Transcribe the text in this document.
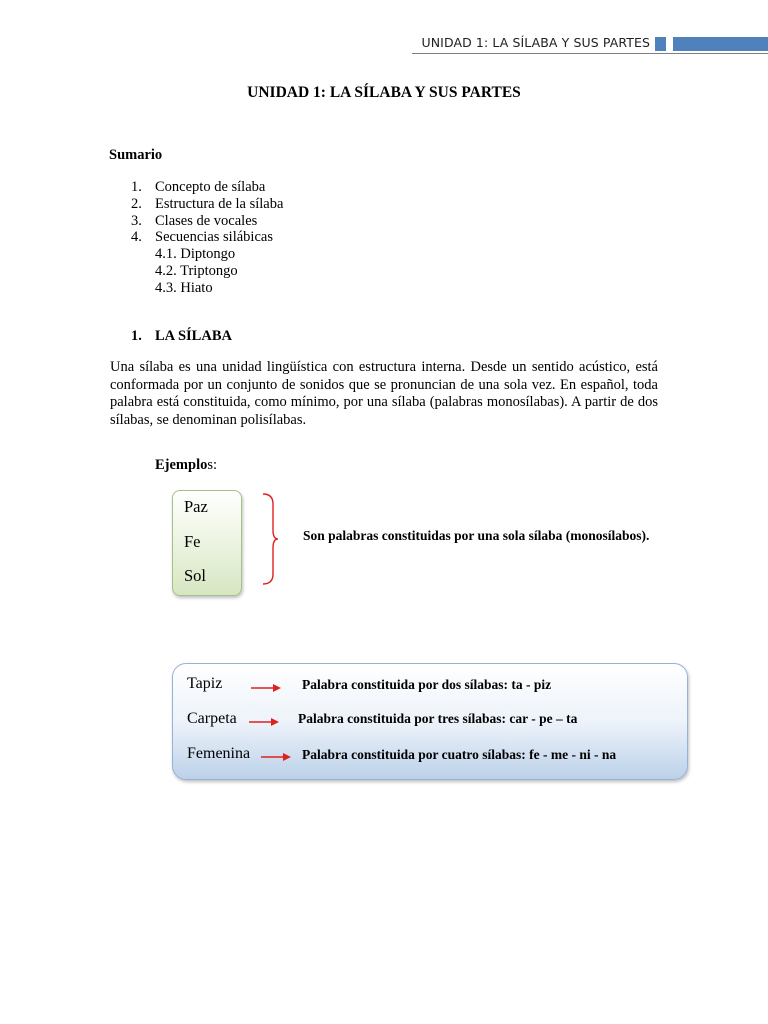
UNIDAD 1: LA SÍLABA Y SUS PARTES
UNIDAD 1: LA SÍLABA Y SUS PARTES
Sumario
1. Concepto de sílaba
2. Estructura de la sílaba
3. Clases de vocales
4. Secuencias silábicas
4.1. Diptongo
4.2. Triptongo
4.3. Hiato
1. LA SÍLABA
Una sílaba es una unidad lingüística con estructura interna. Desde un sentido acústico, está conformada por un conjunto de sonidos que se pronuncian de una sola vez. En español, toda palabra está constituida, como mínimo, por una sílaba (palabras monosílabas). A partir de dos sílabas, se denominan polisílabas.
Ejemplos:
Paz
Fe
Sol
Son palabras constituidas por una sola sílaba (monosílabos).
Tapiz	Palabra constituida por dos sílabas: ta - piz
Carpeta	Palabra constituida por tres sílabas: car - pe – ta
Femenina	Palabra constituida por cuatro sílabas: fe - me - ni - na
